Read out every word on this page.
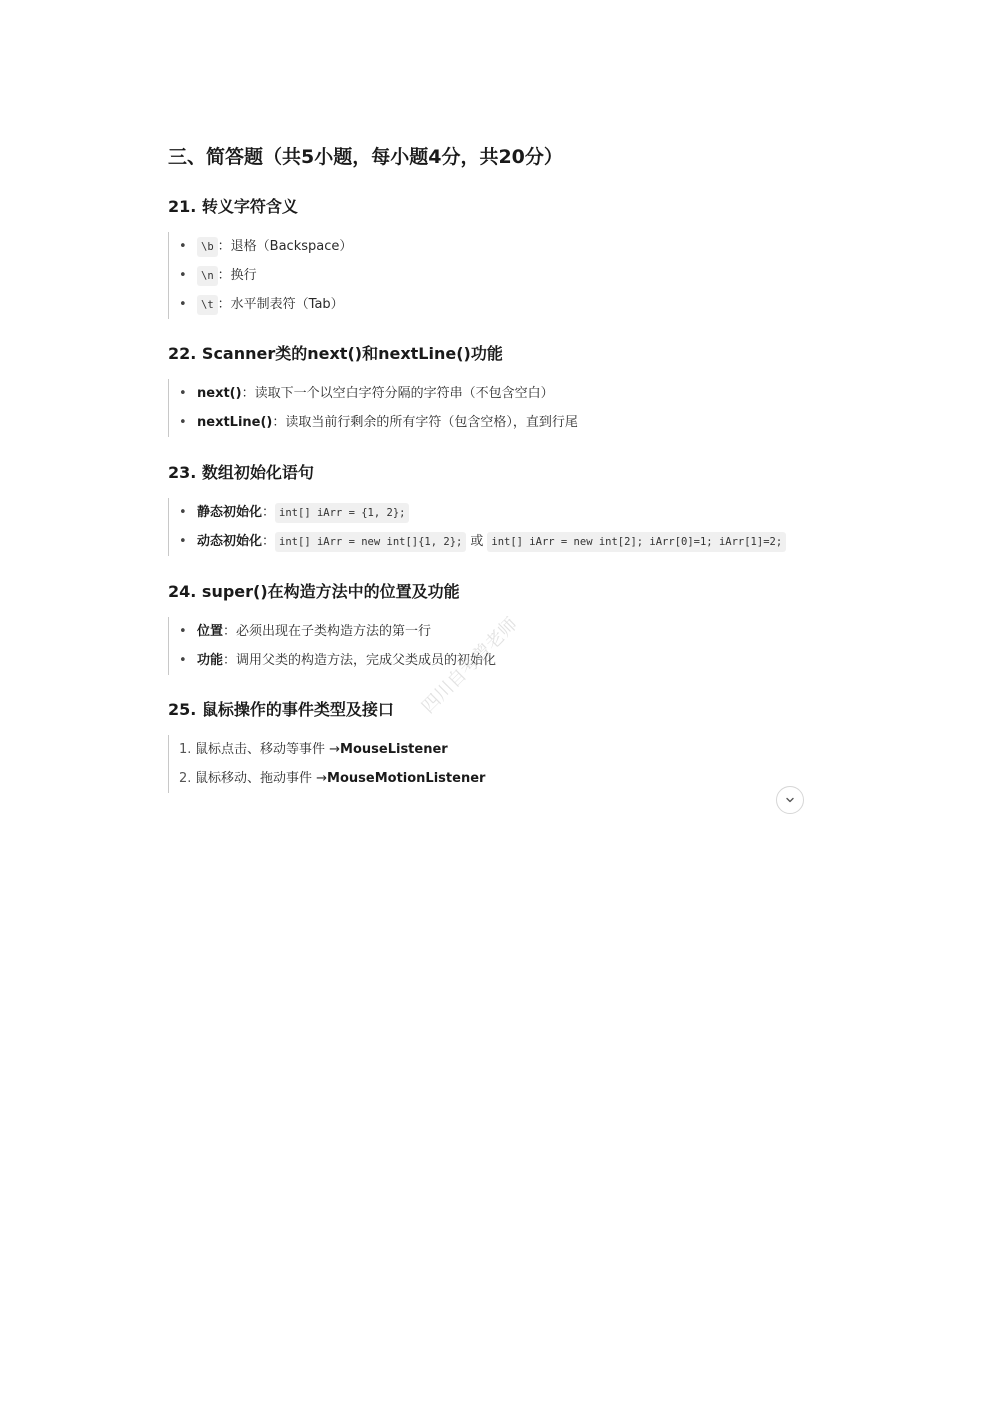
三、简答题（共5小题，每小题4分，共20分）
21. 转义字符含义
•	\b ： 退格（Backspace）
•	\n ： 换行
•	\t ： 水平制表符（Tab）
22. Scanner类的next()和nextLine()功能
• next() ：读取下一个以空白字符分隔的字符串（不包含空白）
• nextLine() ：读取当前行剩余的所有字符（包含空格），直到行尾
23. 数组初始化语句
• 静态初始化 ： int[] iArr = {1, 2};
• 动态初始化 ： int[] iArr = new int[]{1, 2}; 或 int[] iArr = new int[2]; iArr[0]=1; iArr[1]=2;
24. super()在构造方法中的位置及功能
• 位置 ：必须出现在子类构造方法的第一行
• 功能 ：调用父类的构造方法，完成父类成员的初始化
25. 鼠标操作的事件类型及接口
1. 鼠标点击、移动等事件 → MouseListener
2. 鼠标移动、拖动事件 → MouseMotionListener
四川自考曾老师
